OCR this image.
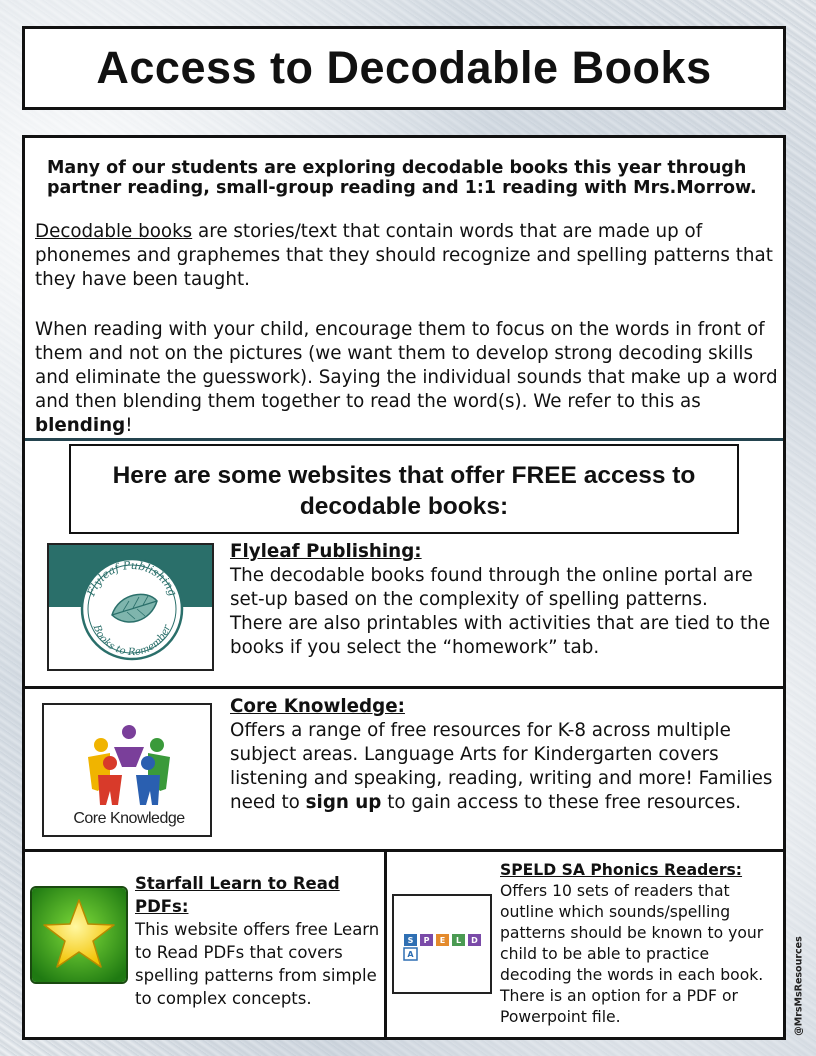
Access to Decodable Books

Many of our students are exploring decodable books this year through partner reading, small-group reading and 1:1 reading with Mrs.Morrow.

Decodable books are stories/text that contain words that are made up of phonemes and graphemes that they should recognize and spelling patterns that they have been taught.

When reading with your child, encourage them to focus on the words in front of them and not on the pictures (we want them to develop strong decoding skills and eliminate the guesswork). Saying the individual sounds that make up a word and then blending them together to read the word(s). We refer to this as blending!

Here are some websites that offer FREE access to decodable books:

Flyleaf Publishing
Books to Remember
Flyleaf Publishing:
The decodable books found through the online portal are set-up based on the complexity of spelling patterns.
There are also printables with activities that are tied to the books if you select the “homework” tab.
Core Knowledge
Core Knowledge:
Offers a range of free resources for K-8 across multiple subject areas. Language Arts for Kindergarten covers listening and speaking, reading, writing and more! Families need to sign up to gain access to these free resources.
Starfall Learn to Read PDFs:
This website offers free Learn to Read PDFs that covers spelling patterns from simple to complex concepts.
S P E L D
A
SPELD SA Phonics Readers:
Offers 10 sets of readers that outline which sounds/spelling patterns should be known to your child to be able to practice decoding the words in each book. There is an option for a PDF or Powerpoint file.	@MrsMsResources
